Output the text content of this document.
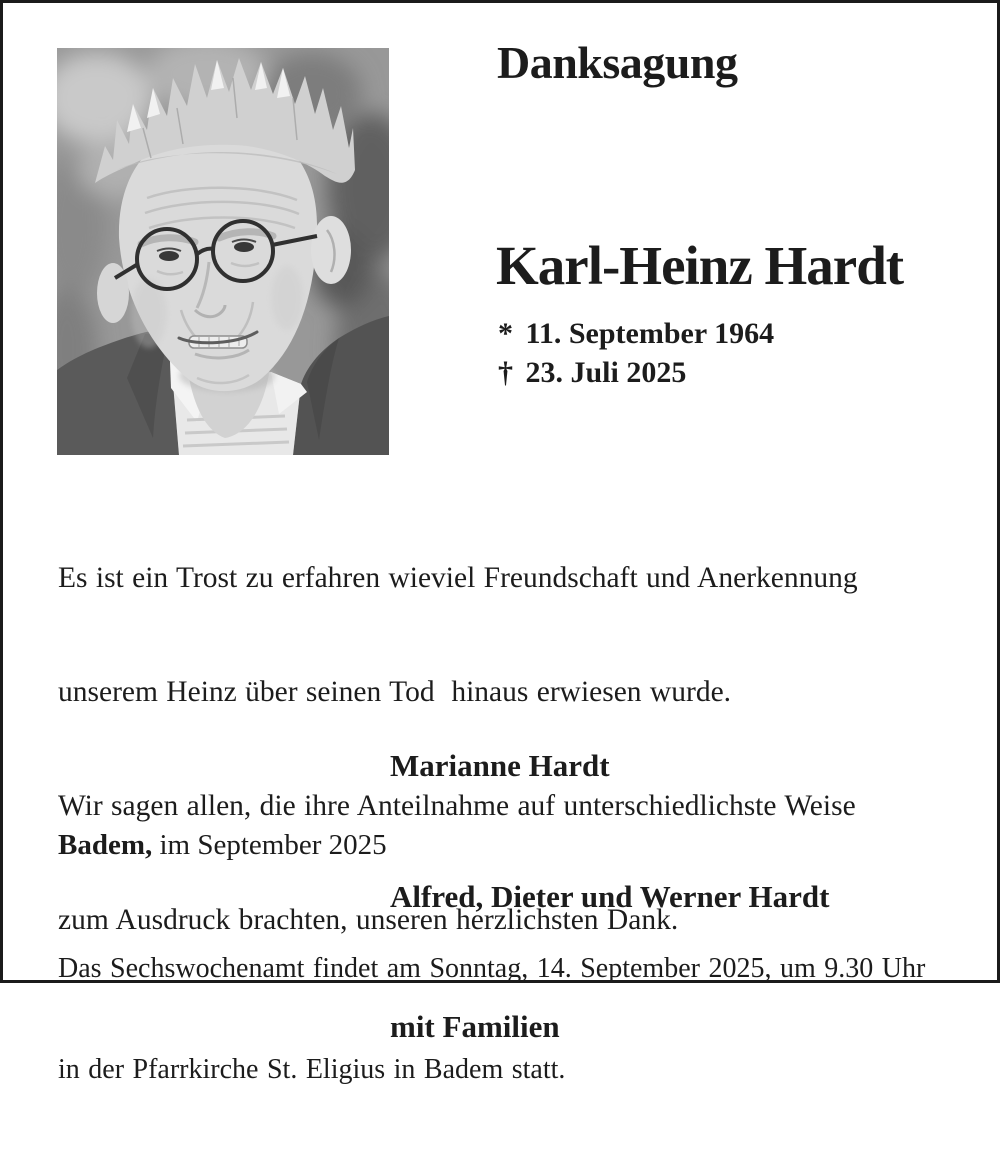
Danksagung
Karl-Heinz Hardt
* 11. September 1964
† 23. Juli 2025

Es ist ein Trost zu erfahren wieviel Freundschaft und Anerkennung

unserem Heinz über seinen Tod  hinaus erwiesen wurde.

Wir sagen allen, die ihre Anteilnahme auf unterschiedlichste Weise

zum Ausdruck brachten, unseren herzlichsten Dank.

Marianne Hardt

Alfred, Dieter und Werner Hardt

mit Familien

Badem, im September 2025

Das Sechswochenamt findet am Sonntag, 14. September 2025, um 9.30 Uhr

in der Pfarrkirche St. Eligius in Badem statt.
